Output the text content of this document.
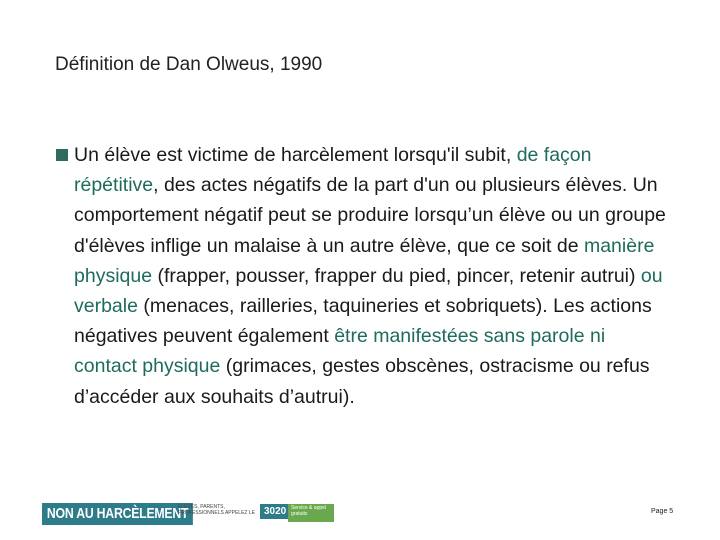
Définition de Dan Olweus, 1990
Un élève est victime de harcèlement lorsqu'il subit, de façon répétitive, des actes négatifs de la part d'un ou plusieurs élèves. Un comportement négatif peut se produire lorsqu’un élève ou un groupe d'élèves inflige un malaise à un autre élève, que ce soit de manière physique (frapper, pousser, frapper du pied, pincer, retenir autrui) ou verbale (menaces, railleries, taquineries et sobriquets). Les actions négatives peuvent également être manifestées sans parole ni contact physique (grimaces, gestes obscènes, ostracisme ou refus d’accéder aux souhaits d’autrui).
NON AU HARCÈLEMENT
ÉLÈVES, PARENTS, PROFESSIONNELS APPELEZ LE 3020 Service & appel gratuits	Page 5
